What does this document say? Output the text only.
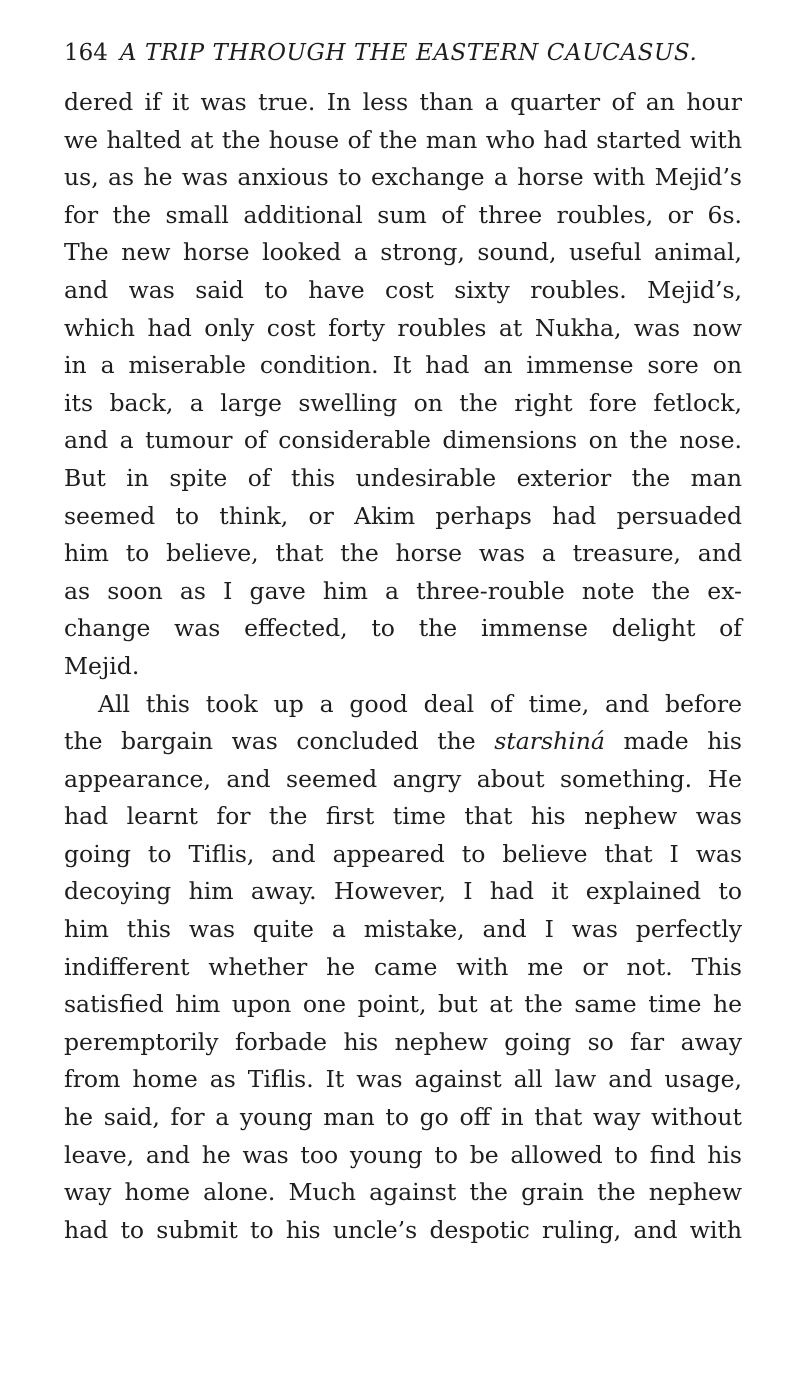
164 A TRIP THROUGH THE EASTERN CAUCASUS.
dered if it was true. In less than a quarter of an hour
we halted at the house of the man who had started with
us, as he was anxious to exchange a horse with Mejid’s
for the small additional sum of three roubles, or 6s.
The new horse looked a strong, sound, useful animal,
and was said to have cost sixty roubles. Mejid’s,
which had only cost forty roubles at Nukha, was now
in a miserable condition. It had an immense sore on
its back, a large swelling on the right fore fetlock,
and a tumour of considerable dimensions on the nose.
But in spite of this undesirable exterior the man
seemed to think, or Akim perhaps had persuaded
him to believe, that the horse was a treasure, and
as soon as I gave him a three-rouble note the ex-
change was effected, to the immense delight of
Mejid.
All this took up a good deal of time, and before
the bargain was concluded the starshiná made his
appearance, and seemed angry about something. He
had learnt for the first time that his nephew was
going to Tiflis, and appeared to believe that I was
decoying him away. However, I had it explained to
him this was quite a mistake, and I was perfectly
indifferent whether he came with me or not. This
satisfied him upon one point, but at the same time he
peremptorily forbade his nephew going so far away
from home as Tiflis. It was against all law and usage,
he said, for a young man to go off in that way without
leave, and he was too young to be allowed to find his
way home alone. Much against the grain the nephew
had to submit to his uncle’s despotic ruling, and with
